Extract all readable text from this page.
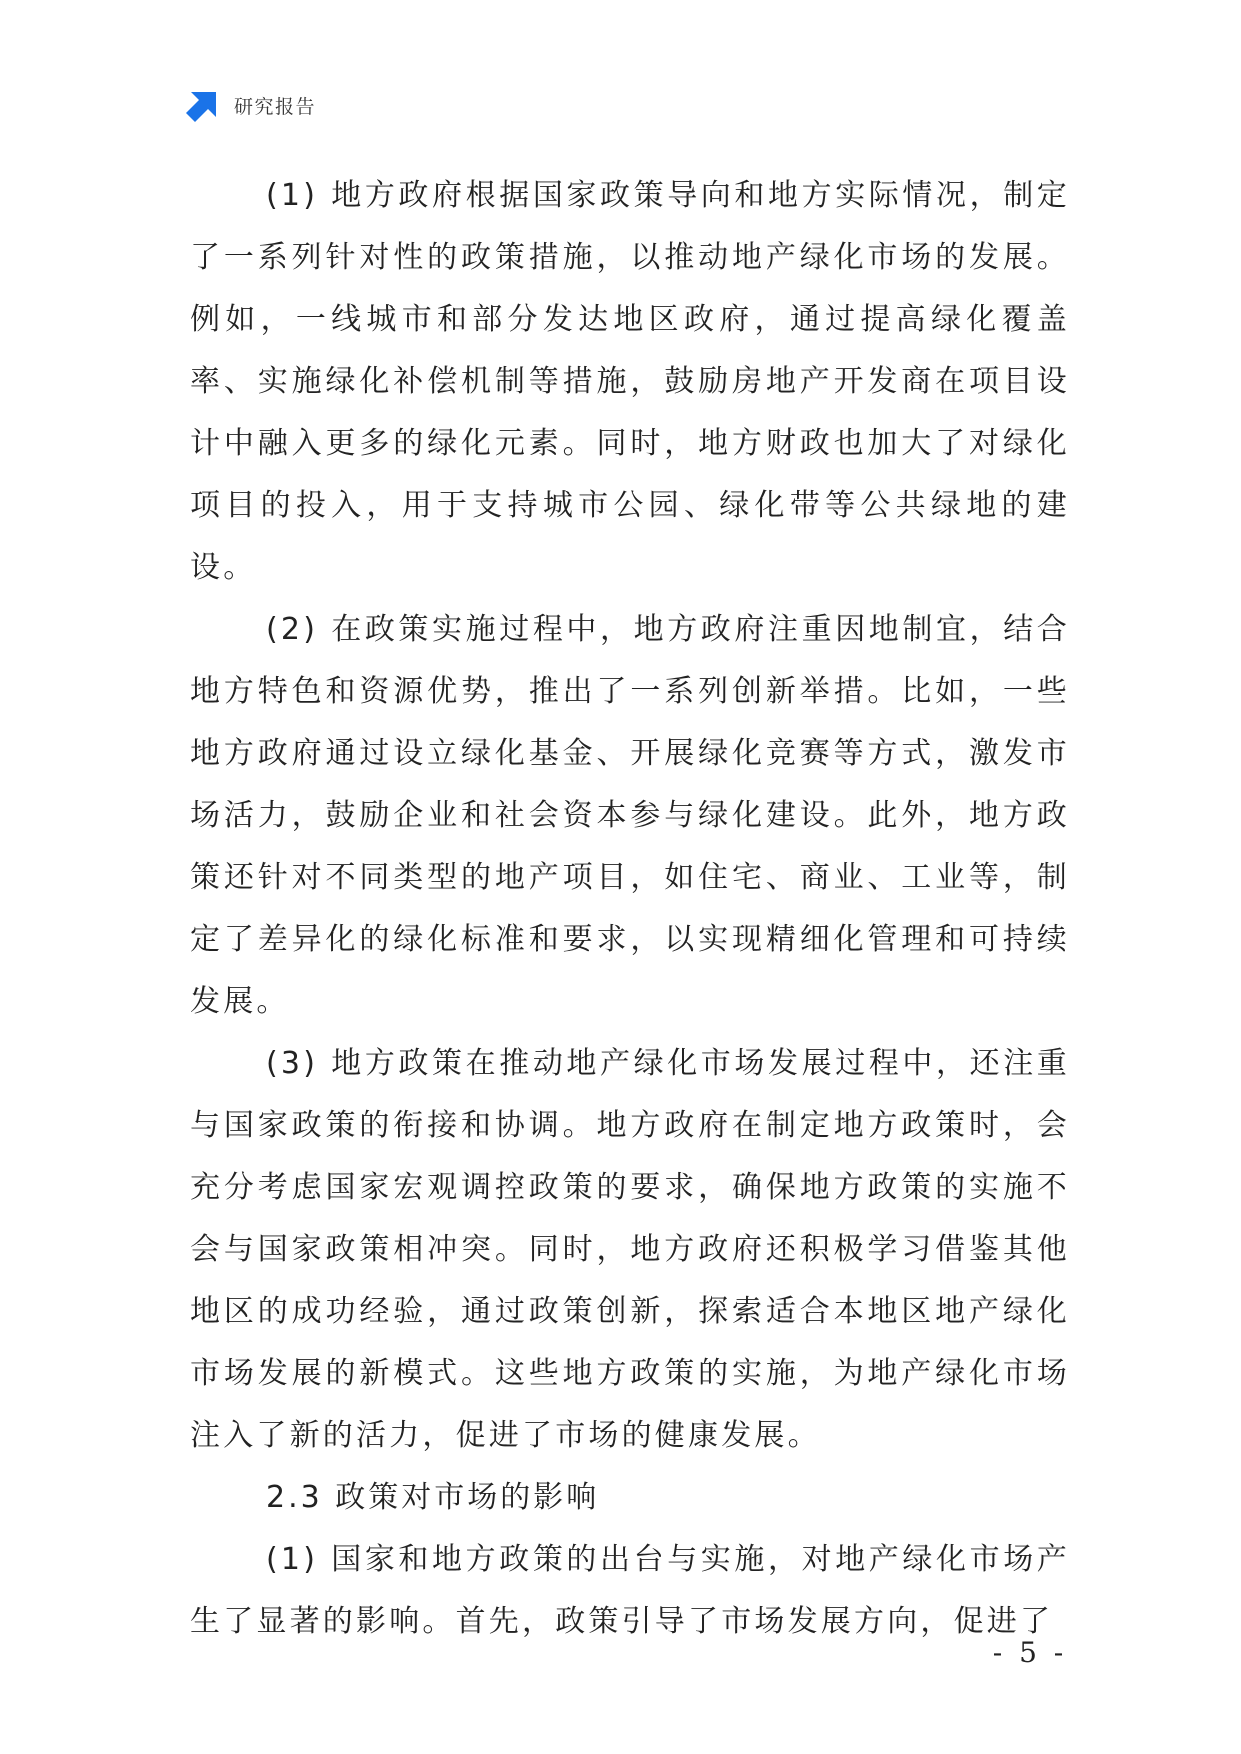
研究报告

(1) 地方政府根据国家政策导向和地方实际情况，制定了一系列针对性的政策措施，以推动地产绿化市场的发展。例如，一线城市和部分发达地区政府，通过提高绿化覆盖率、实施绿化补偿机制等措施，鼓励房地产开发商在项目设计中融入更多的绿化元素。同时，地方财政也加大了对绿化项目的投入，用于支持城市公园、绿化带等公共绿地的建设。

(2) 在政策实施过程中，地方政府注重因地制宜，结合地方特色和资源优势，推出了一系列创新举措。比如，一些地方政府通过设立绿化基金、开展绿化竞赛等方式，激发市场活力，鼓励企业和社会资本参与绿化建设。此外，地方政策还针对不同类型的地产项目，如住宅、商业、工业等，制定了差异化的绿化标准和要求，以实现精细化管理和可持续发展。

(3) 地方政策在推动地产绿化市场发展过程中，还注重与国家政策的衔接和协调。地方政府在制定地方政策时，会充分考虑国家宏观调控政策的要求，确保地方政策的实施不会与国家政策相冲突。同时，地方政府还积极学习借鉴其他地区的成功经验，通过政策创新，探索适合本地区地产绿化市场发展的新模式。这些地方政策的实施，为地产绿化市场注入了新的活力，促进了市场的健康发展。

2.3 政策对市场的影响

(1) 国家和地方政策的出台与实施，对地产绿化市场产生了显著的影响。首先，政策引导了市场发展方向，促进了

- 5 -
